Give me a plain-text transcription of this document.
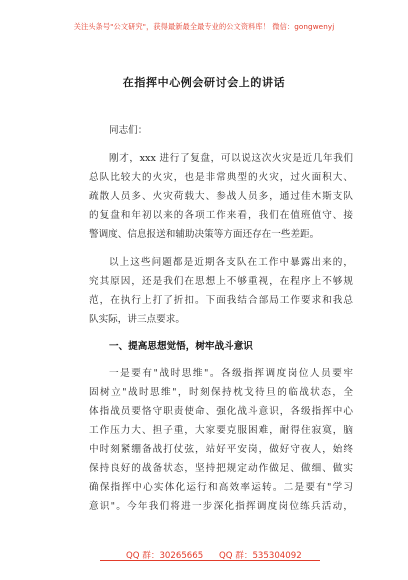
关注头条号"公文研究"，获得最新最全最专业的公文资料库！ 微信：gongwenyj
在指挥中心例会研讨会上的讲话
同志们：
刚才，xxx 进行了复盘，可以说这次火灾是近几年我们
总队比较大的火灾，也是非常典型的火灾，过火面积大、
疏散人员多、火灾荷载大、参战人员多，通过佳木斯支队
的复盘和年初以来的各项工作来看，我们在值班值守、接
警调度、信息报送和辅助决策等方面还存在一些差距。
以上这些问题都是近期各支队在工作中暴露出来的，
究其原因，还是我们在思想上不够重视，在程序上不够规
范，在执行上打了折扣。下面我结合部局工作要求和我总
队实际，讲三点要求。
一、提高思想觉悟，树牢战斗意识
一是要有"战时思维"。各级指挥调度岗位人员要牢
固树立"战时思维"，时刻保持枕戈待旦的临战状态，全
体指战员要恪守职责使命、强化战斗意识，各级指挥中心
工作压力大、担子重，大家要克服困难，耐得住寂寞，脑
中时刻紧绷备战打仗弦，站好平安岗，做好守夜人，始终
保持良好的战备状态，坚持把规定动作做足、做细、做实
确保指挥中心实体化运行和高效率运转。二是要有"学习
意识"。今年我们将进一步深化指挥调度岗位练兵活动，
QQ 群：30265665 QQ 群：535304092
